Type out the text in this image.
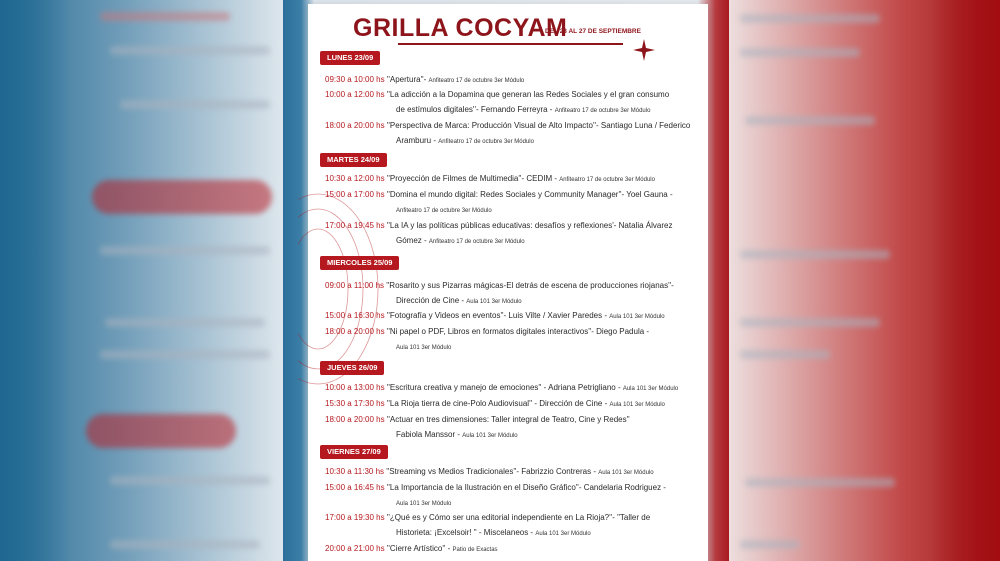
GRILLA COCYAM
DEL 23 AL 27 DE SEPTIEMBRE
LUNES 23/09
09:30 a 10:00 hs ''Apertura''- Anfiteatro 17 de octubre 3er Módulo
10:00 a 12:00 hs ''La adicción a la Dopamina que generan las Redes Sociales y el gran consumo
de estímulos digitales''- Fernando Ferreyra - Anfiteatro 17 de octubre 3er Módulo
18:00 a 20:00 hs ''Perspectiva de Marca: Producción Visual de Alto Impacto''- Santiago Luna / Federico
Aramburu - Anfiteatro 17 de octubre 3er Módulo
MARTES 24/09
10:30 a 12:00 hs ''Proyección de Filmes de Multimedia''- CEDIM - Anfiteatro 17 de octubre 3er Módulo
15:00 a 17:00 hs ''Domina el mundo digital: Redes Sociales y Community Manager''- Yoel Gauna -
Anfiteatro 17 de octubre 3er Módulo
17:00 a 19:45 hs ''La IA y las políticas públicas educativas: desafíos y reflexiones'- Natalia Álvarez
Gómez - Anfiteatro 17 de octubre 3er Módulo
MIERCOLES 25/09
09:00 a 11:00 hs ''Rosarito y sus Pizarras mágicas-El detrás de escena de producciones riojanas''-
Dirección de Cine - Aula 101 3er Módulo
15:00 a 16:30 hs ''Fotografía y Videos en eventos''- Luis Vilte / Xavier Paredes - Aula 101 3er Módulo
18:00 a 20:00 hs ''Ni papel o PDF, Libros en formatos digitales interactivos''- Diego Padula -
Aula 101 3er Módulo
JUEVES 26/09
10:00 a 13:00 hs ''Escritura creativa y manejo de emociones'' - Adriana Petrigliano - Aula 101 3er Módulo
15:30 a 17:30 hs ''La Rioja tierra de cine-Polo Audiovisual'' - Dirección de Cine - Aula 101 3er Módulo
18:00 a 20:00 hs ''Actuar en tres dimensiones: Taller integral de Teatro, Cine y Redes''
Fabiola Manssor - Aula 101 3er Módulo
VIERNES 27/09
10:30 a 11:30 hs ''Streaming vs Medios Tradicionales''- Fabrizzio Contreras - Aula 101 3er Módulo
15:00 a 16:45 hs ''La Importancia de la Ilustración en el Diseño Gráfico''- Candelaria Rodriguez -
Aula 101 3er Módulo
17:00 a 19:30 hs ''¿Qué es y Cómo ser una editorial independiente en La Rioja?''- "Taller de
Historieta: ¡Excelsoir! " - Miscelaneos - Aula 101 3er Módulo
20:00 a 21:00 hs ''Cierre Artístico'' - Patio de Exactas
